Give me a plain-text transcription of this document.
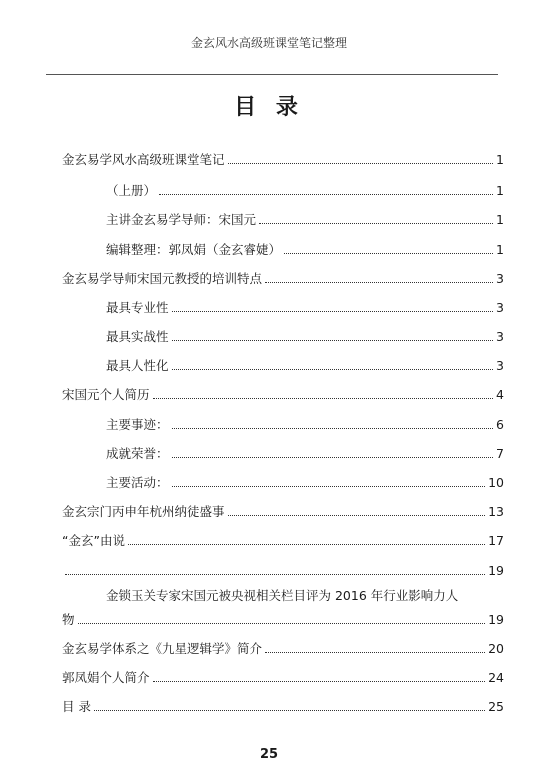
金玄风水高级班课堂笔记整理
目 录
金玄易学风水高级班课堂笔记	1
（上册）	1
主讲金玄易学导师：宋国元	1
编辑整理：郭凤娟（金玄睿婕）	1
金玄易学导师宋国元教授的培训特点	3
最具专业性	3
最具实战性	3
最具人性化	3
宋国元个人简历	4
主要事迹：	6
成就荣誉：	7
主要活动：	10
金玄宗门丙申年杭州纳徒盛事	13
“金玄”由说	17
19
金锁玉关专家宋国元被央视相关栏目评为 2016 年行业影响力人
物	19
金玄易学体系之《九星逻辑学》简介	20
郭凤娟个人简介	24
目 录	25
25
